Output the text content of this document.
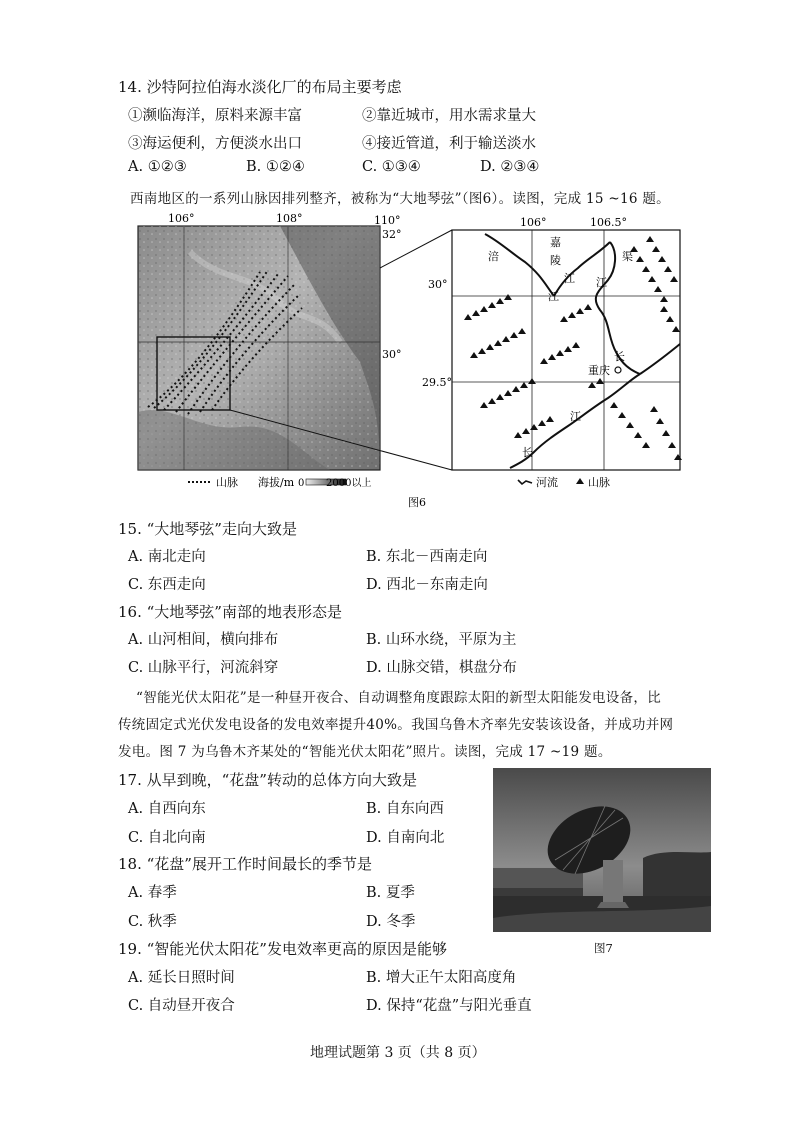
14. 沙特阿拉伯海水淡化厂的布局主要考虑
①濒临海洋，原料来源丰富	②靠近城市，用水需求量大
③海运便利，方便淡水出口	④接近管道，利于输送淡水
A. ①②③	B. ①②④	C. ①③④	D. ②③④
西南地区的一系列山脉因排列整齐，被称为“大地琴弦”（图6）。读图，完成 15 ~16 题。
106°	108°	110°
32°
30°
106°	106.5°
30°
29.5°
涪
嘉
陵
江
江
渠
江
长
重庆
江
长
山脉 海拔/m 0 2000以上	河流	山脉
图6
15. “大地琴弦”走向大致是
A. 南北走向	B. 东北－西南走向
C. 东西走向	D. 西北－东南走向
16. “大地琴弦”南部的地表形态是
A. 山河相间，横向排布	B. 山环水绕，平原为主
C. 山脉平行，河流斜穿	D. 山脉交错，棋盘分布
“智能光伏太阳花”是一种昼开夜合、自动调整角度跟踪太阳的新型太阳能发电设备，比
传统固定式光伏发电设备的发电效率提升40%。我国乌鲁木齐率先安装该设备，并成功并网
发电。图 7 为乌鲁木齐某处的“智能光伏太阳花”照片。读图，完成 17 ~19 题。
17. 从早到晚，“花盘”转动的总体方向大致是
A. 自西向东	B. 自东向西
C. 自北向南	D. 自南向北
18. “花盘”展开工作时间最长的季节是
A. 春季	B. 夏季
C. 秋季	D. 冬季
图7
19. “智能光伏太阳花”发电效率更高的原因是能够
A. 延长日照时间	B. 增大正午太阳高度角
C. 自动昼开夜合	D. 保持“花盘”与阳光垂直
地理试题第 3 页（共 8 页）
